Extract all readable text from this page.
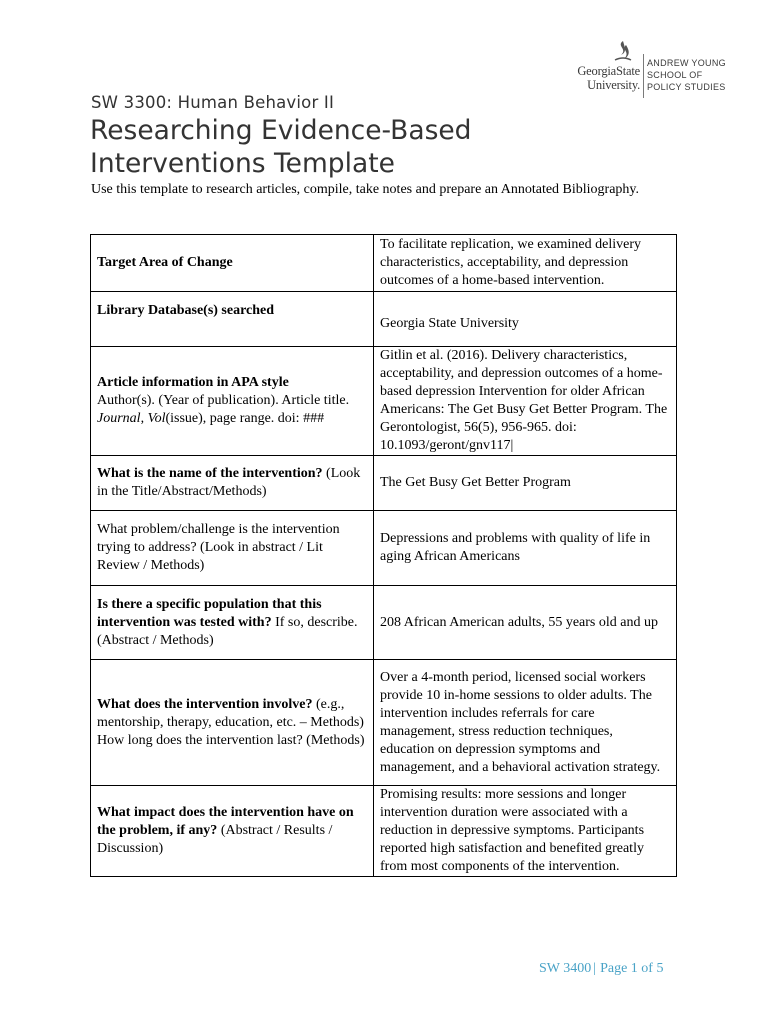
GeorgiaState
University.
ANDREW YOUNG
SCHOOL OF
POLICY STUDIES
SW 3300: Human Behavior II
Researching Evidence-Based
Interventions Template
Use this template to research articles, compile, take notes and prepare an Annotated Bibliography.
Target Area of Change	To facilitate replication, we examined delivery characteristics, acceptability, and depression outcomes of a home-based intervention.
Library Database(s) searched	Georgia State University
Article information in APA style
Author(s). (Year of publication). Article title. Journal, Vol(issue), page range. doi: ###	Gitlin et al. (2016). Delivery characteristics, acceptability, and depression outcomes of a home-based depression Intervention for older African Americans: The Get Busy Get Better Program. The Gerontologist, 56(5), 956-965. doi: 10.1093/geront/gnv117|
What is the name of the intervention? (Look in the Title/Abstract/Methods)	The Get Busy Get Better Program
What problem/challenge is the intervention trying to address? (Look in abstract / Lit Review / Methods)	Depressions and problems with quality of life in aging African Americans
Is there a specific population that this intervention was tested with? If so, describe. (Abstract / Methods)	208 African American adults, 55 years old and up
What does the intervention involve? (e.g., mentorship, therapy, education, etc. – Methods) How long does the intervention last? (Methods)	Over a 4-month period, licensed social workers provide 10 in-home sessions to older adults. The intervention includes referrals for care management, stress reduction techniques, education on depression symptoms and management, and a behavioral activation strategy.
What impact does the intervention have on the problem, if any? (Abstract / Results / Discussion)	Promising results: more sessions and longer intervention duration were associated with a reduction in depressive symptoms. Participants reported high satisfaction and benefited greatly from most components of the intervention.
SW 3400 | Page 1 of 5
